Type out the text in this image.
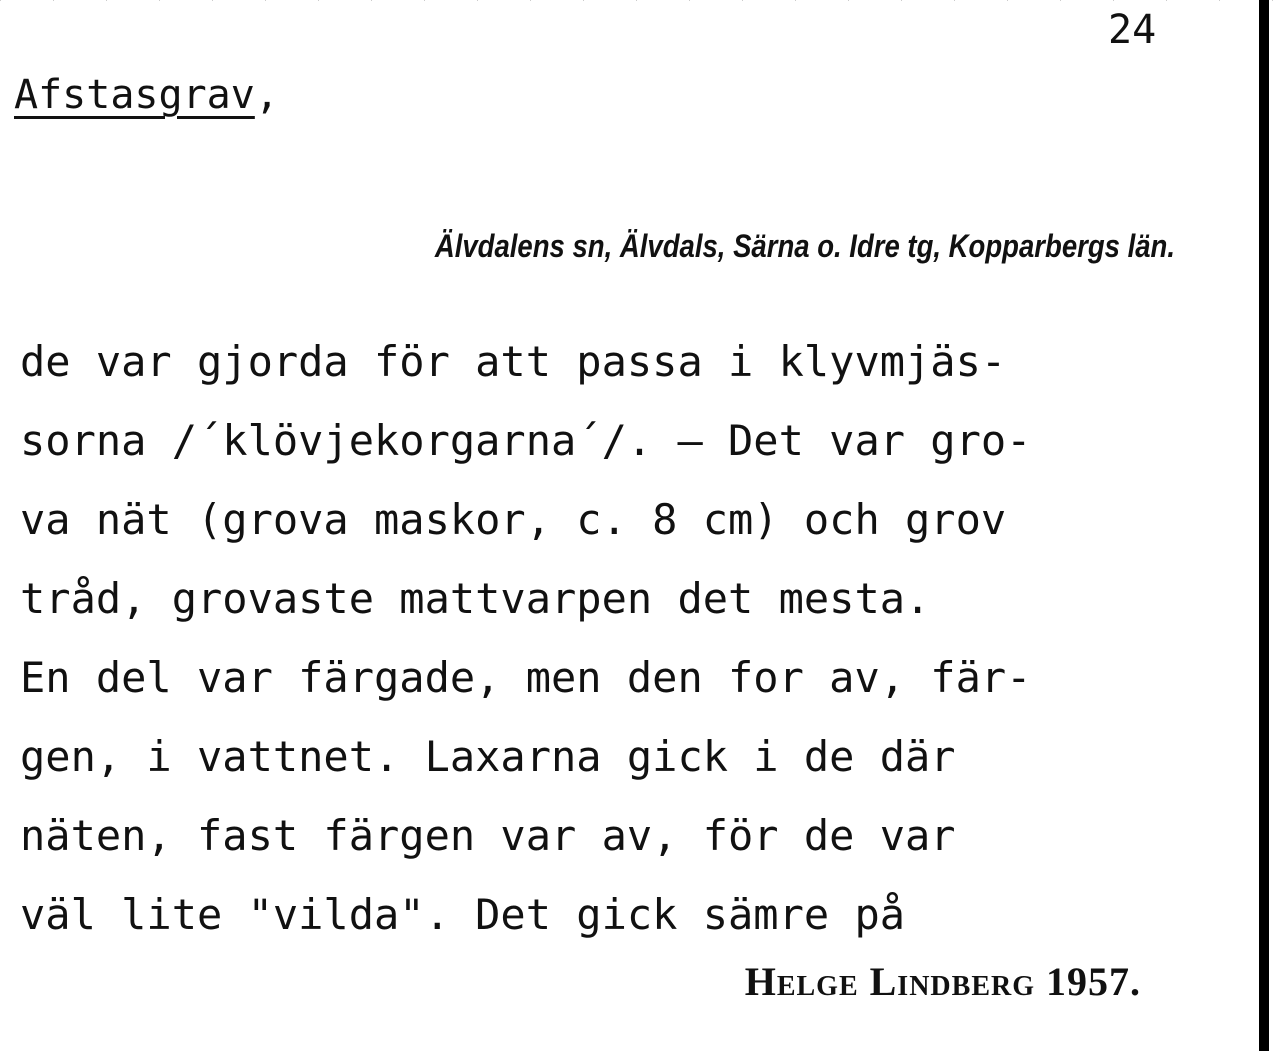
24
Afstasgrav,
Älvdalens sn, Älvdals, Särna o. Idre tg, Kopparbergs län.
de var gjorda för att passa i klyvmjäs-
sorna /´klövjekorgarna´/. – Det var gro-
va nät (grova maskor, c. 8 cm) och grov
tråd, grovaste mattvarpen det mesta.
En del var färgade, men den for av, fär-
gen, i vattnet. Laxarna gick i de där
näten, fast färgen var av, för de var
väl lite "vilda". Det gick sämre på
Helge Lindberg 1957.
